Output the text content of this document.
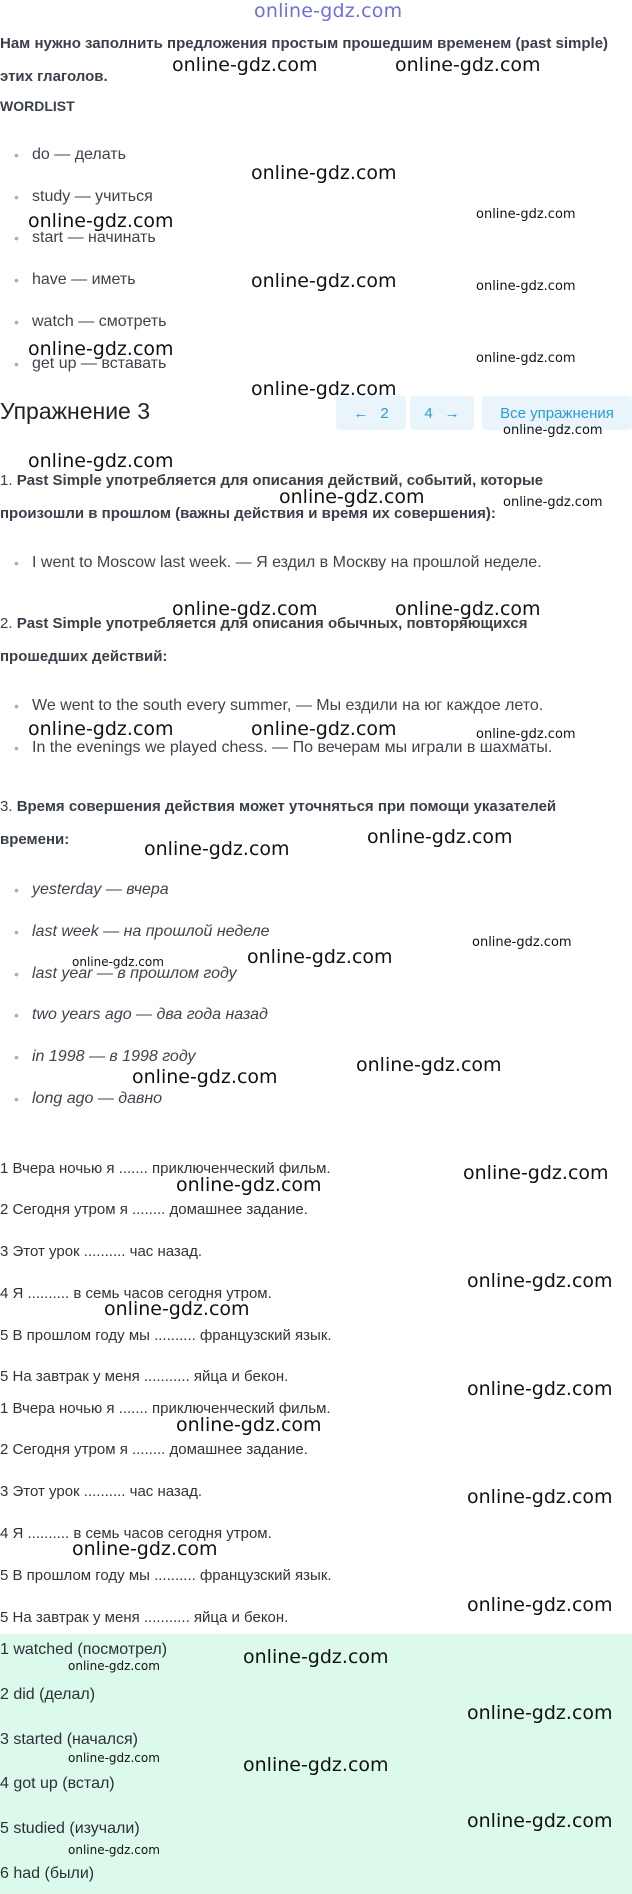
online-gdz.com
Нам нужно заполнить предложения простым прошедшим временем (past simple) этих глаголов.
WORDLIST
do — делать
study — учиться
start — начинать
have — иметь
watch — смотреть
get up — вставать
Упражнение 3	← 2 4 →	Все упражнения
1. Past Simple употребляется для описания действий, событий, которые произошли в прошлом (важны действия и время их совершения):
I went to Moscow last week. — Я ездил в Москву на прошлой неделе.
2. Past Simple употребляется для описания обычных, повторяющихся прошедших действий:
We went to the south every summer, — Мы ездили на юг каждое лето.
In the evenings we played chess. — По вечерам мы играли в шахматы.
3. Время совершения действия может уточняться при помощи указателей времени:
yesterday — вчера
last week — на прошлой неделе
last year — в прошлом году
two years ago — два года назад
in 1998 — в 1998 году
long ago — давно
1 Вчера ночью я ....... приключенческий фильм.
2 Сегодня утром я ........ домашнее задание.
3 Этот урок .......... час назад.
4 Я .......... в семь часов сегодня утром.
5 В прошлом году мы .......... французский язык.
5 На завтрак у меня ........... яйца и бекон.
1 Вчера ночью я ....... приключенческий фильм.
2 Сегодня утром я ........ домашнее задание.
3 Этот урок .......... час назад.
4 Я .......... в семь часов сегодня утром.
5 В прошлом году мы .......... французский язык.
5 На завтрак у меня ........... яйца и бекон.
1 watched (посмотрел)
2 did (делал)
3 started (начался)
4 got up (встал)
5 studied (изучали)
6 had (были)
online-gdz.com	online-gdz.com
online-gdz.com
online-gdz.com	online-gdz.com
online-gdz.com	online-gdz.com
online-gdz.com	online-gdz.com
online-gdz.com
online-gdz.com
online-gdz.com
online-gdz.com	online-gdz.com
online-gdz.com	online-gdz.com
online-gdz.com	online-gdz.com	online-gdz.com
online-gdz.com
online-gdz.com
online-gdz.com
online-gdz.com
online-gdz.com
online-gdz.com
online-gdz.com
online-gdz.com
online-gdz.com
online-gdz.com
online-gdz.com
online-gdz.com
online-gdz.com
online-gdz.com
online-gdz.com
online-gdz.com
online-gdz.com
online-gdz.com
online-gdz.com
online-gdz.com	online-gdz.com
online-gdz.com
online-gdz.com
